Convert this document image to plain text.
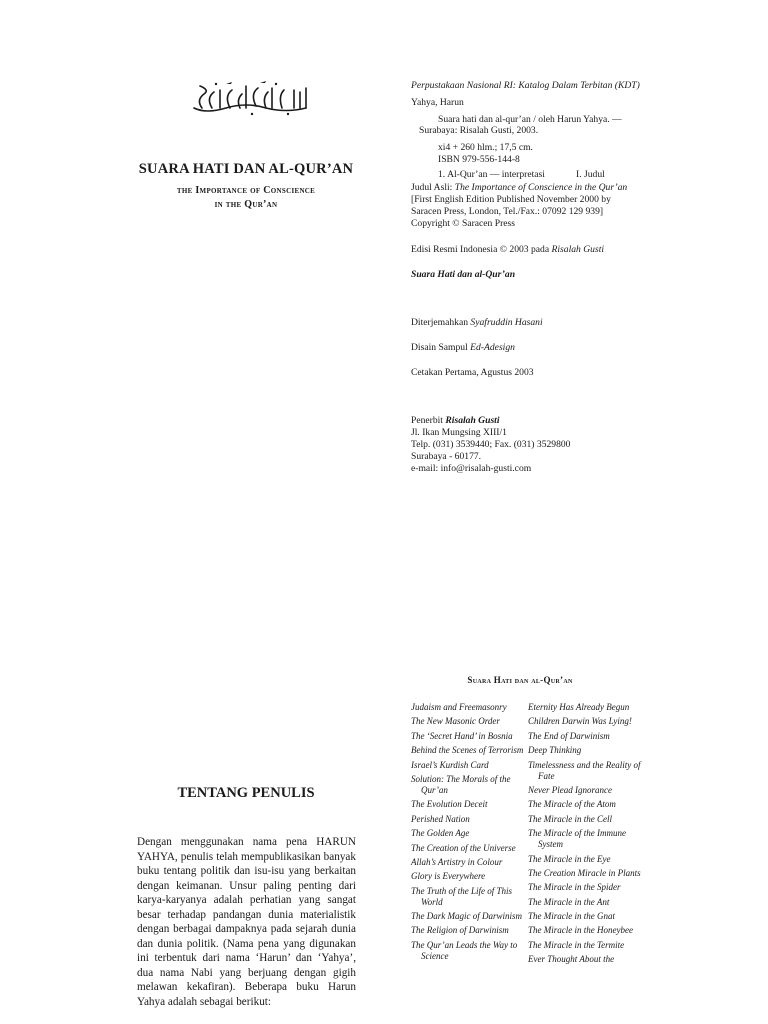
SUARA HATI DAN AL-QUR’AN
the Importance of Conscience
in the Qur’an
Perpustakaan Nasional RI: Katalog Dalam Terbitan (KDT)
Yahya, Harun
Suara hati dan al-qur’an / oleh Harun Yahya. —
Surabaya: Risalah Gusti, 2003.
xi4 + 260 hlm.; 17,5 cm.
ISBN 979-556-144-8
1. Al-Qur’an — interpretasi	I. Judul
Judul Asli: The Importance of Conscience in the Qur’an
[First English Edition Published November 2000 by
Saracen Press, London, Tel./Fax.: 07092 129 939]
Copyright © Saracen Press
Edisi Resmi Indonesia © 2003 pada Risalah Gusti
Suara Hati dan al-Qur’an
Diterjemahkan Syafruddin Hasani
Disain Sampul Ed-Adesign
Cetakan Pertama, Agustus 2003
Penerbit Risalah Gusti
Jl. Ikan Mungsing XIII/1
Telp. (031) 3539440; Fax. (031) 3529800
Surabaya - 60177.
e-mail: info@risalah-gusti.com
TENTANG PENULIS
Dengan menggunakan nama pena HARUN YAHYA, penulis telah mempublikasikan banyak buku tentang politik dan isu-isu yang berkaitan dengan keimanan. Unsur paling penting dari karya-karyanya adalah perhatian yang sangat besar terhadap pandangan dunia materialistik dengan berbagai dampaknya pada sejarah dunia dan dunia politik. (Nama pena yang digunakan ini terbentuk dari nama ‘Harun’ dan ‘Yahya’, dua nama Nabi yang berjuang dengan gigih melawan kekafiran). Beberapa buku Harun Yahya adalah sebagai berikut:
Suara Hati dan al-Qur’an
Judaism and Freemasonry
The New Masonic Order
The ‘Secret Hand’ in Bosnia
Behind the Scenes of Terrorism
Israel’s Kurdish Card
Solution: The Morals of the Qur’an
The Evolution Deceit
Perished Nation
The Golden Age
The Creation of the Universe
Allah’s Artistry in Colour
Glory is Everywhere
The Truth of the Life of This World
The Dark Magic of Darwinism
The Religion of Darwinism
The Qur’an Leads the Way to Science
Eternity Has Already Begun
Children Darwin Was Lying!
The End of Darwinism
Deep Thinking
Timelessness and the Reality of Fate
Never Plead Ignorance
The Miracle of the Atom
The Miracle in the Cell
The Miracle of the Immune System
The Miracle in the Eye
The Creation Miracle in Plants
The Miracle in the Spider
The Miracle in the Ant
The Miracle in the Gnat
The Miracle in the Honeybee
The Miracle in the Termite
Ever Thought About the
